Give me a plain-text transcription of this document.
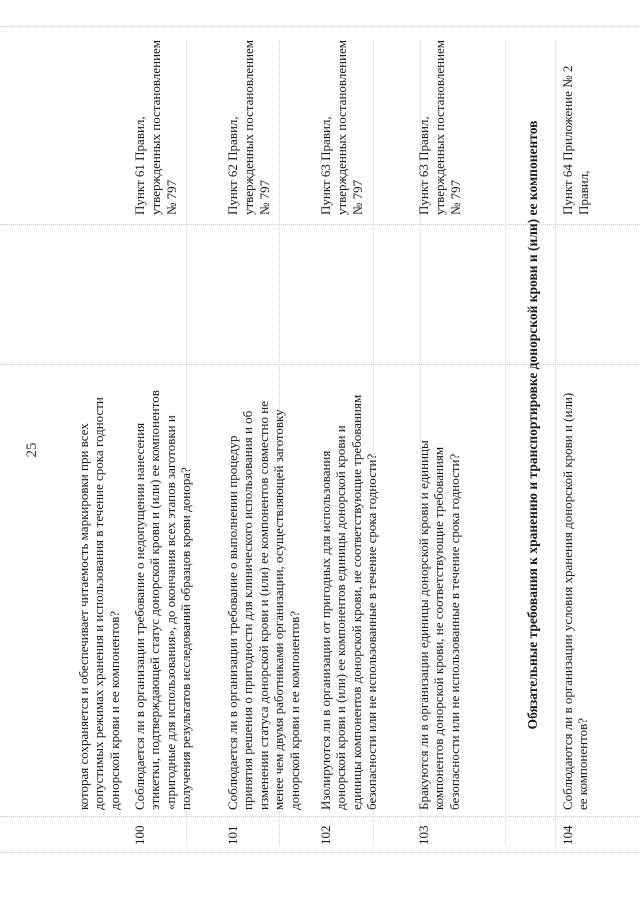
25	которая сохраняется и обеспечивает читаемость маркировки при всех допустимых режимах хранения и использования в течение срока годности донорской крови и ее компонентов?

100

Соблюдается ли в организации требование о недопущении нанесения этикетки, подтверждающей статус донорской крови и (или) ее компонентов «пригодные для использования», до окончания всех этапов заготовки и получения результатов исследований образцов крови донора?

Пункт 61 Правил, утвержденных постановлением № 797

101

Соблюдается ли в организации требование о выполнении процедур принятия решения о пригодности для клинического использования и об изменении статуса донорской крови и (или) ее компонентов совместно не менее чем двумя работниками организации, осуществляющей заготовку донорской крови и ее компонентов?

Пункт 62 Правил, утвержденных постановлением № 797

102

Изолируются ли в организации от пригодных для использования донорской крови и (или) ее компонентов единицы донорской крови и единицы компонентов донорской крови, не соответствующие требованиям безопасности или не использованные в течение срока годности?

Пункт 63 Правил, утвержденных постановлением № 797

103

Бракуются ли в организации единицы донорской крови и единицы компонентов донорской крови, не соответствующие требованиям безопасности или не использованные в течение срока годности?

Пункт 63 Правил, утвержденных постановлением № 797	Обязательные требования к хранению и транспортировке донорской крови и (или) ее компонентов
104

Соблюдаются ли в организации условия хранения донорской крови и (или) ее компонентов?

Пункт 64 Приложение № 2 Правил,
